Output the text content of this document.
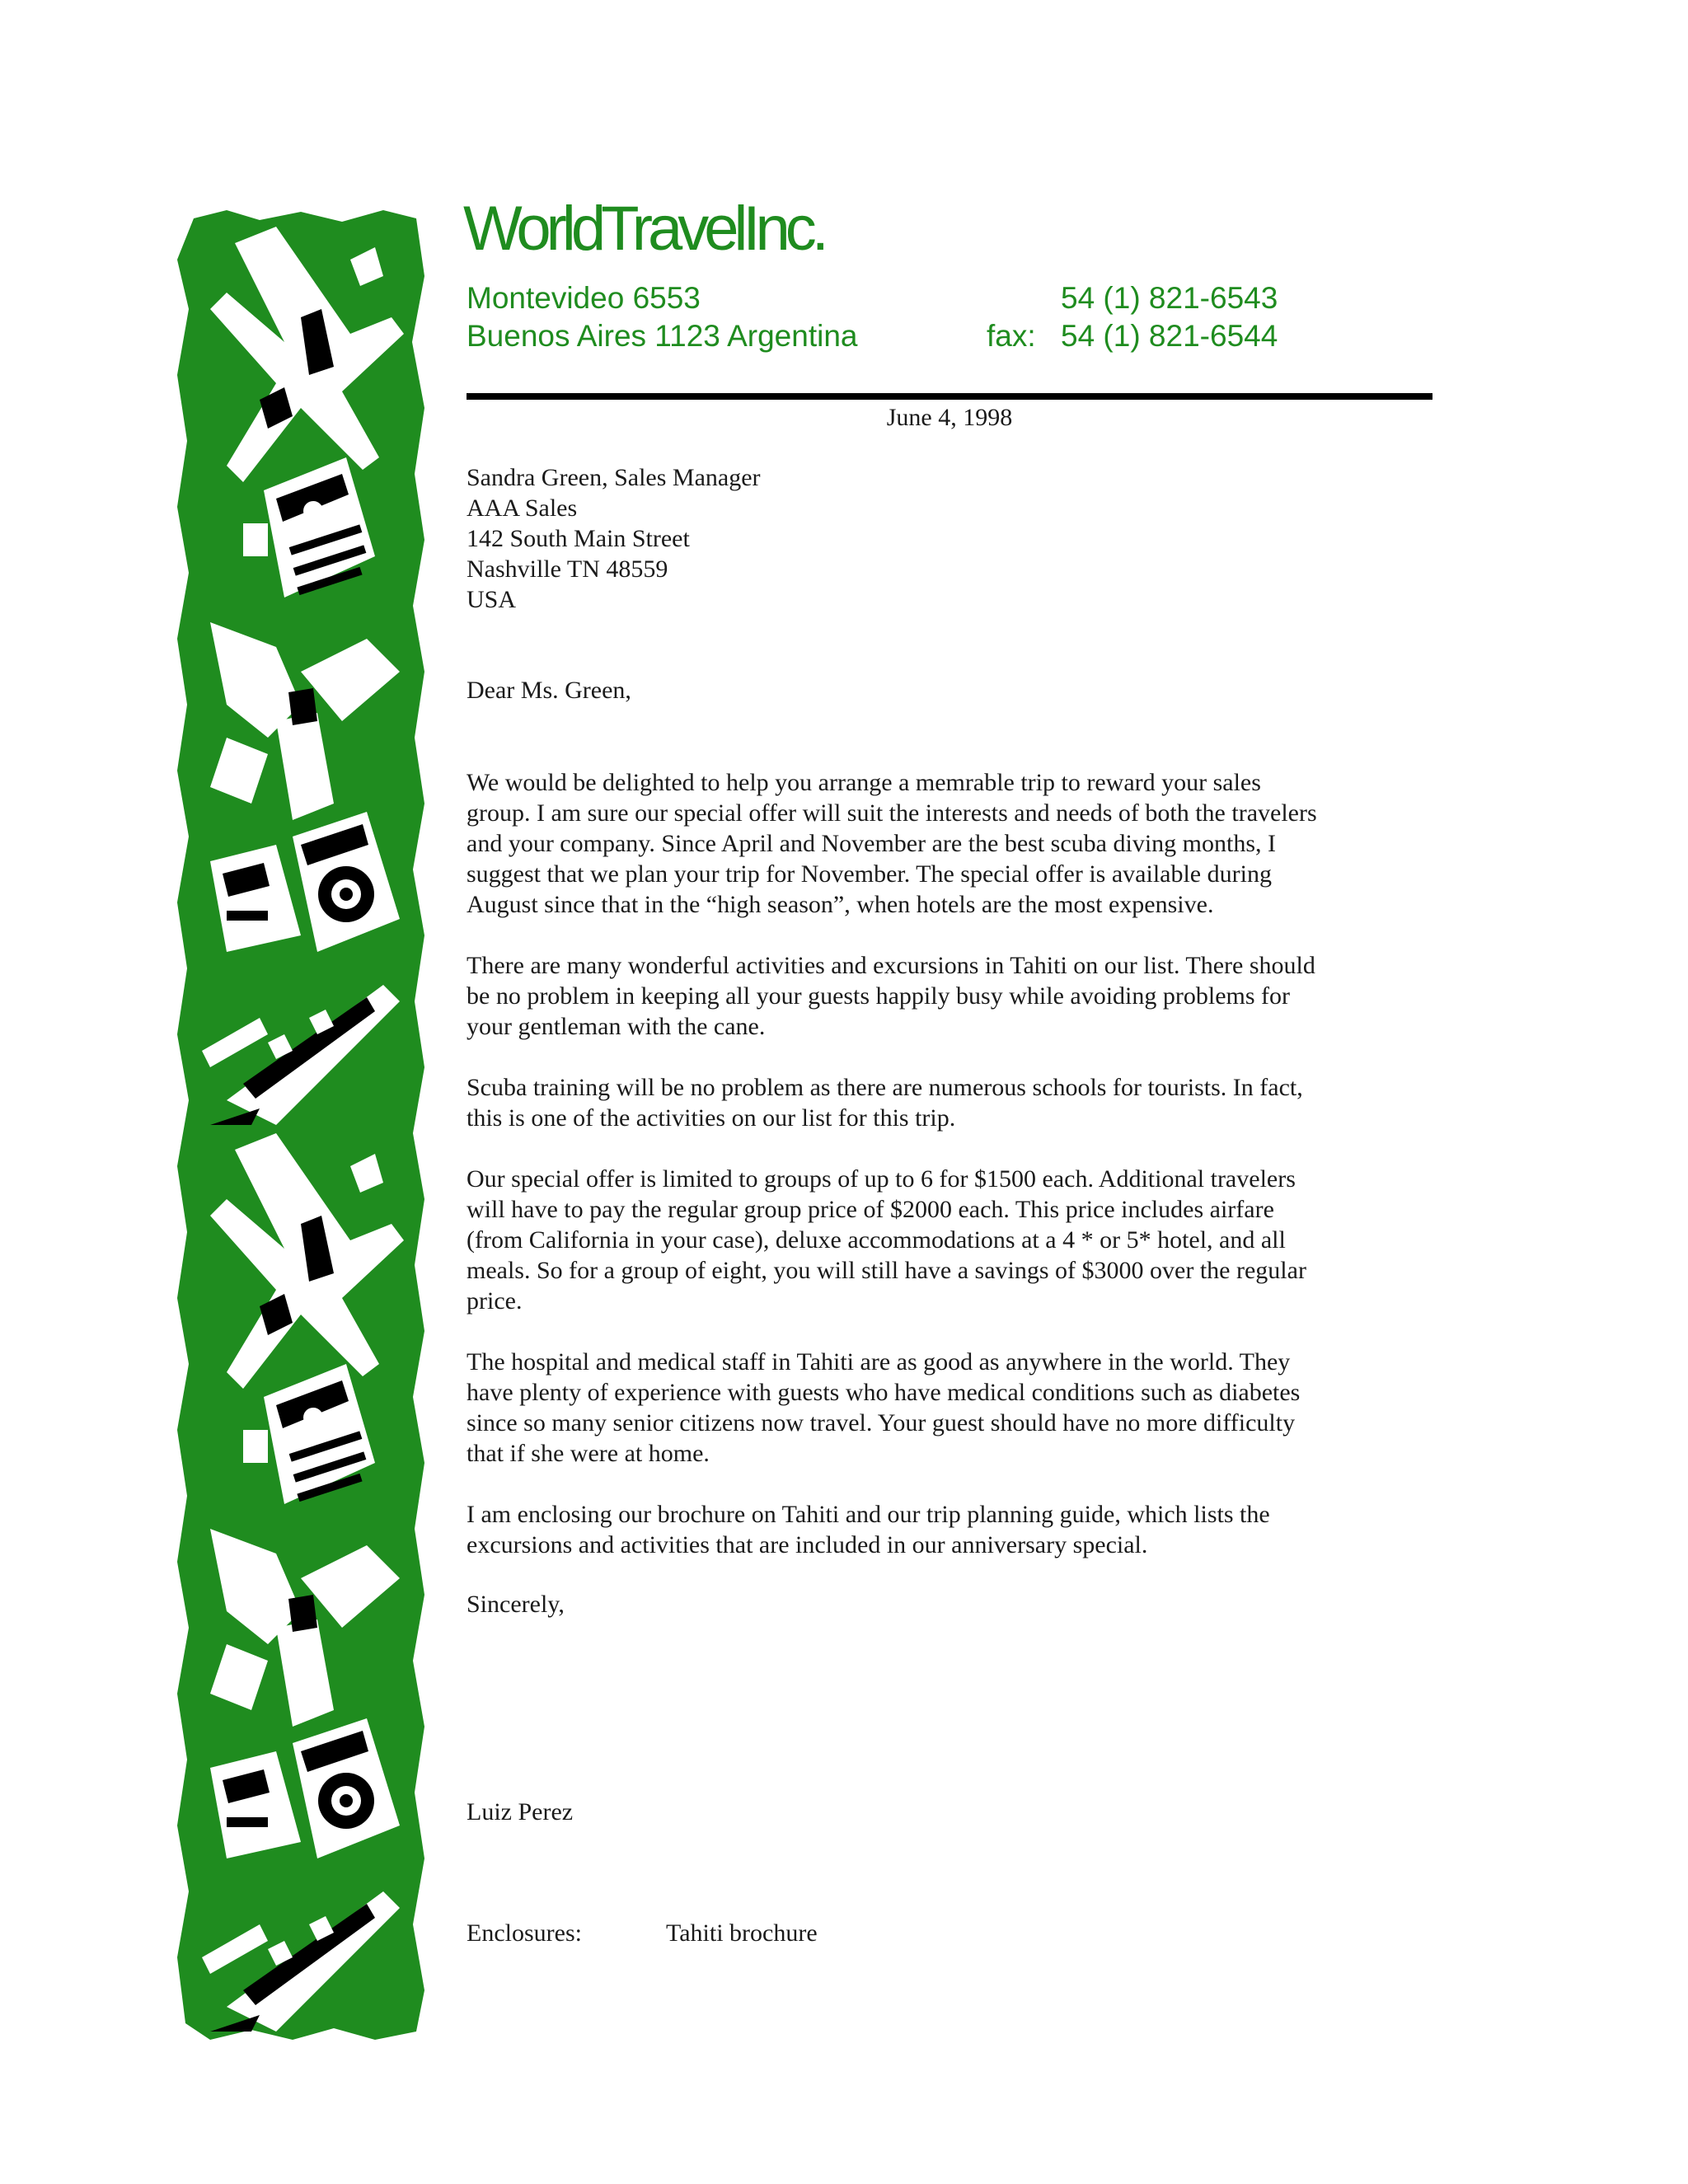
WorldTravelInc.
Montevideo 6553
Buenos Aires 1123 Argentina
54 (1) 821-6543
fax: 54 (1) 821-6544
June 4, 1998
Sandra Green, Sales Manager
AAA Sales
142 South Main Street
Nashville TN 48559
USA
Dear Ms. Green,
We would be delighted to help you arrange a memrable trip to reward your sales
group. I am sure our special offer will suit the interests and needs of both the travelers
and your company. Since April and November are the best scuba diving months, I
suggest that we plan your trip for November. The special offer is available during
August since that in the “high season”, when hotels are the most expensive.
There are many wonderful activities and excursions in Tahiti on our list. There should
be no problem in keeping all your guests happily busy while avoiding problems for
your gentleman with the cane.
Scuba training will be no problem as there are numerous schools for tourists. In fact,
this is one of the activities on our list for this trip.
Our special offer is limited to groups of up to 6 for $1500 each. Additional travelers
will have to pay the regular group price of $2000 each. This price includes airfare
(from California in your case), deluxe accommodations at a 4 * or 5* hotel, and all
meals. So for a group of eight, you will still have a savings of $3000 over the regular
price.
The hospital and medical staff in Tahiti are as good as anywhere in the world. They
have plenty of experience with guests who have medical conditions such as diabetes
since so many senior citizens now travel. Your guest should have no more difficulty
that if she were at home.
I am enclosing our brochure on Tahiti and our trip planning guide, which lists the
excursions and activities that are included in our anniversary special.
Sincerely,
Luiz Perez
Enclosures:	Tahiti brochure
